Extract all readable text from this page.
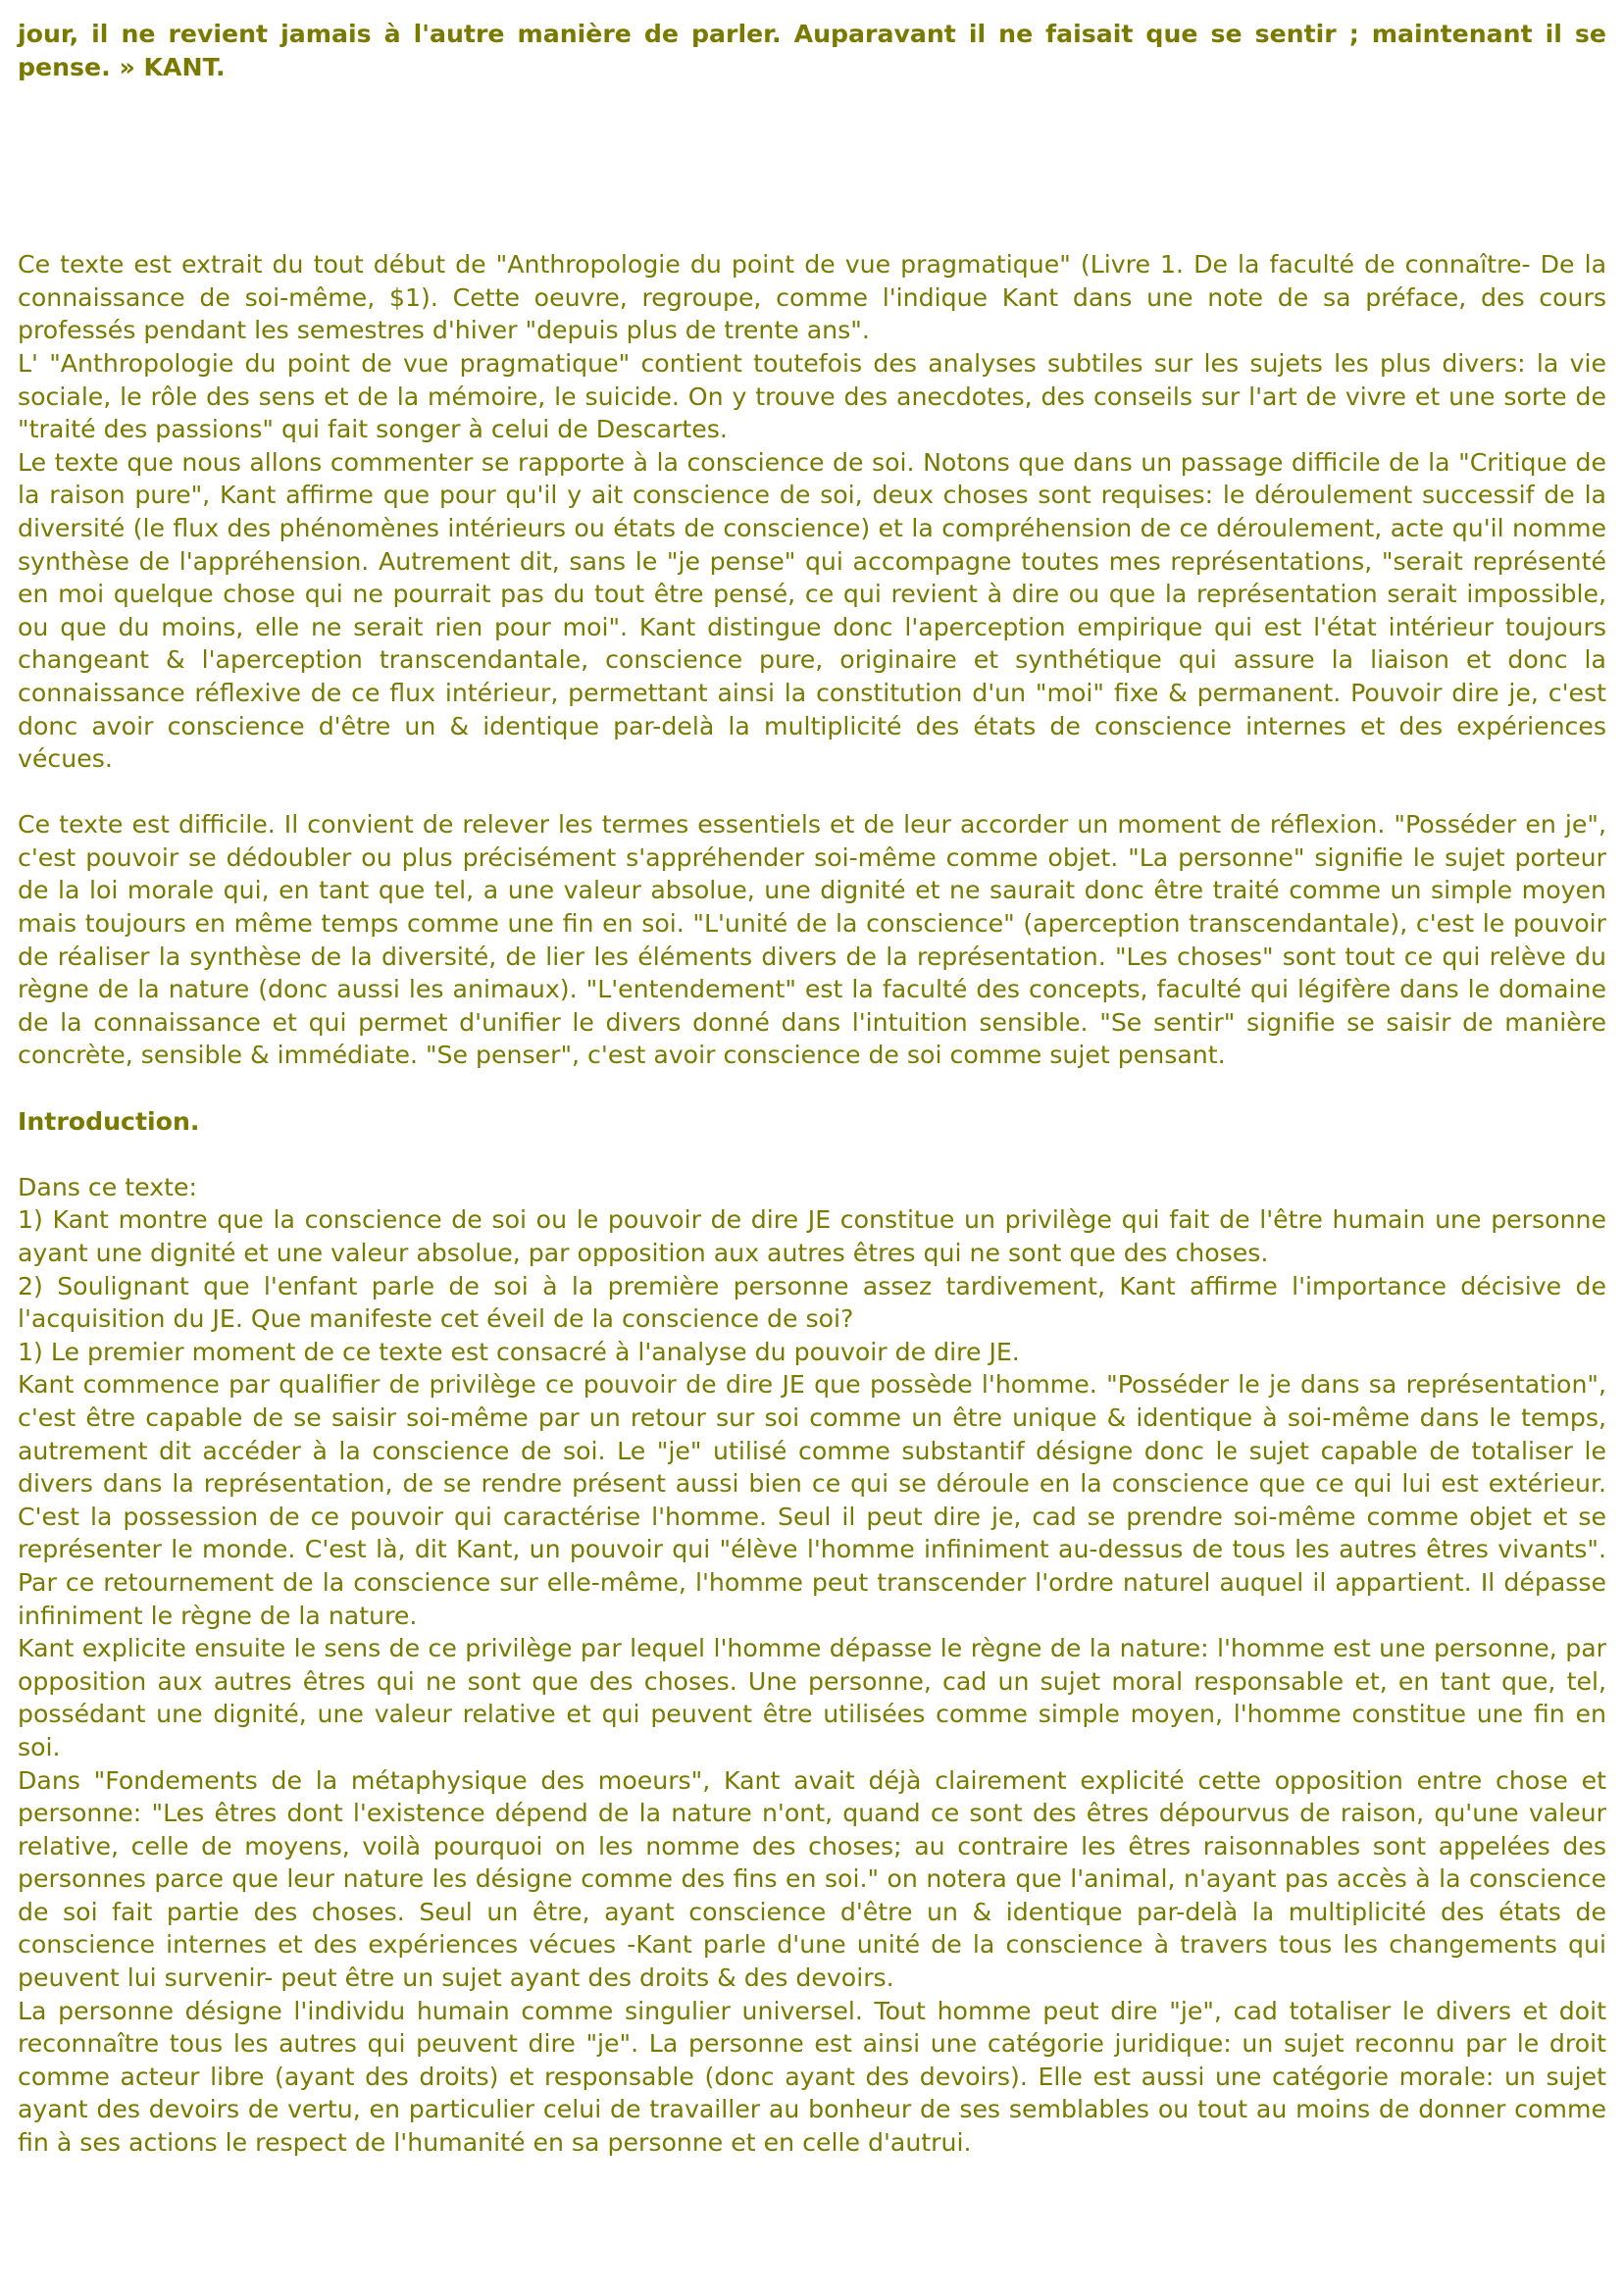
jour, il ne revient jamais à l'autre manière de parler. Auparavant il ne faisait que se sentir ; maintenant il se pense. » KANT.

Ce texte est extrait du tout début de "Anthropologie du point de vue pragmatique" (Livre 1. De la faculté de connaître- De la connaissance de soi-même, $1). Cette oeuvre, regroupe, comme l'indique Kant dans une note de sa préface, des cours professés pendant les semestres d'hiver "depuis plus de trente ans".

L' "Anthropologie du point de vue pragmatique" contient toutefois des analyses subtiles sur les sujets les plus divers: la vie sociale, le rôle des sens et de la mémoire, le suicide. On y trouve des anecdotes, des conseils sur l'art de vivre et une sorte de "traité des passions" qui fait songer à celui de Descartes.

Le texte que nous allons commenter se rapporte à la conscience de soi. Notons que dans un passage difficile de la "Critique de la raison pure", Kant affirme que pour qu'il y ait conscience de soi, deux choses sont requises: le déroulement successif de la diversité (le flux des phénomènes intérieurs ou états de conscience) et la compréhension de ce déroulement, acte qu'il nomme synthèse de l'appréhension. Autrement dit, sans le "je pense" qui accompagne toutes mes représentations, "serait représenté en moi quelque chose qui ne pourrait pas du tout être pensé, ce qui revient à dire ou que la représentation serait impossible, ou que du moins, elle ne serait rien pour moi". Kant distingue donc l'aperception empirique qui est l'état intérieur toujours changeant & l'aperception transcendantale, conscience pure, originaire et synthétique qui assure la liaison et donc la connaissance réflexive de ce flux intérieur, permettant ainsi la constitution d'un "moi" fixe & permanent. Pouvoir dire je, c'est donc avoir conscience d'être un & identique par-delà la multiplicité des états de conscience internes et des expériences vécues.

Ce texte est difficile. Il convient de relever les termes essentiels et de leur accorder un moment de réflexion. "Posséder en je", c'est pouvoir se dédoubler ou plus précisément s'appréhender soi-même comme objet. "La personne" signifie le sujet porteur de la loi morale qui, en tant que tel, a une valeur absolue, une dignité et ne saurait donc être traité comme un simple moyen mais toujours en même temps comme une fin en soi. "L'unité de la conscience" (aperception transcendantale), c'est le pouvoir de réaliser la synthèse de la diversité, de lier les éléments divers de la représentation. "Les choses" sont tout ce qui relève du règne de la nature (donc aussi les animaux). "L'entendement" est la faculté des concepts, faculté qui légifère dans le domaine de la connaissance et qui permet d'unifier le divers donné dans l'intuition sensible. "Se sentir" signifie se saisir de manière concrète, sensible & immédiate. "Se penser", c'est avoir conscience de soi comme sujet pensant.

Introduction.

Dans ce texte:

1) Kant montre que la conscience de soi ou le pouvoir de dire JE constitue un privilège qui fait de l'être humain une personne ayant une dignité et une valeur absolue, par opposition aux autres êtres qui ne sont que des choses.

2) Soulignant que l'enfant parle de soi à la première personne assez tardivement, Kant affirme l'importance décisive de l'acquisition du JE. Que manifeste cet éveil de la conscience de soi?

1) Le premier moment de ce texte est consacré à l'analyse du pouvoir de dire JE.

Kant commence par qualifier de privilège ce pouvoir de dire JE que possède l'homme. "Posséder le je dans sa représentation", c'est être capable de se saisir soi-même par un retour sur soi comme un être unique & identique à soi-même dans le temps, autrement dit accéder à la conscience de soi. Le "je" utilisé comme substantif désigne donc le sujet capable de totaliser le divers dans la représentation, de se rendre présent aussi bien ce qui se déroule en la conscience que ce qui lui est extérieur. C'est la possession de ce pouvoir qui caractérise l'homme. Seul il peut dire je, cad se prendre soi-même comme objet et se représenter le monde. C'est là, dit Kant, un pouvoir qui "élève l'homme infiniment au-dessus de tous les autres êtres vivants". Par ce retournement de la conscience sur elle-même, l'homme peut transcender l'ordre naturel auquel il appartient. Il dépasse infiniment le règne de la nature.

Kant explicite ensuite le sens de ce privilège par lequel l'homme dépasse le règne de la nature: l'homme est une personne, par opposition aux autres êtres qui ne sont que des choses. Une personne, cad un sujet moral responsable et, en tant que, tel, possédant une dignité, une valeur relative et qui peuvent être utilisées comme simple moyen, l'homme constitue une fin en soi.

Dans "Fondements de la métaphysique des moeurs", Kant avait déjà clairement explicité cette opposition entre chose et personne: "Les êtres dont l'existence dépend de la nature n'ont, quand ce sont des êtres dépourvus de raison, qu'une valeur relative, celle de moyens, voilà pourquoi on les nomme des choses; au contraire les êtres raisonnables sont appelées des personnes parce que leur nature les désigne comme des fins en soi." on notera que l'animal, n'ayant pas accès à la conscience de soi fait partie des choses. Seul un être, ayant conscience d'être un & identique par-delà la multiplicité des états de conscience internes et des expériences vécues -Kant parle d'une unité de la conscience à travers tous les changements qui peuvent lui survenir- peut être un sujet ayant des droits & des devoirs.

La personne désigne l'individu humain comme singulier universel. Tout homme peut dire "je", cad totaliser le divers et doit reconnaître tous les autres qui peuvent dire "je". La personne est ainsi une catégorie juridique: un sujet reconnu par le droit comme acteur libre (ayant des droits) et responsable (donc ayant des devoirs). Elle est aussi une catégorie morale: un sujet ayant des devoirs de vertu, en particulier celui de travailler au bonheur de ses semblables ou tout au moins de donner comme fin à ses actions le respect de l'humanité en sa personne et en celle d'autrui.
